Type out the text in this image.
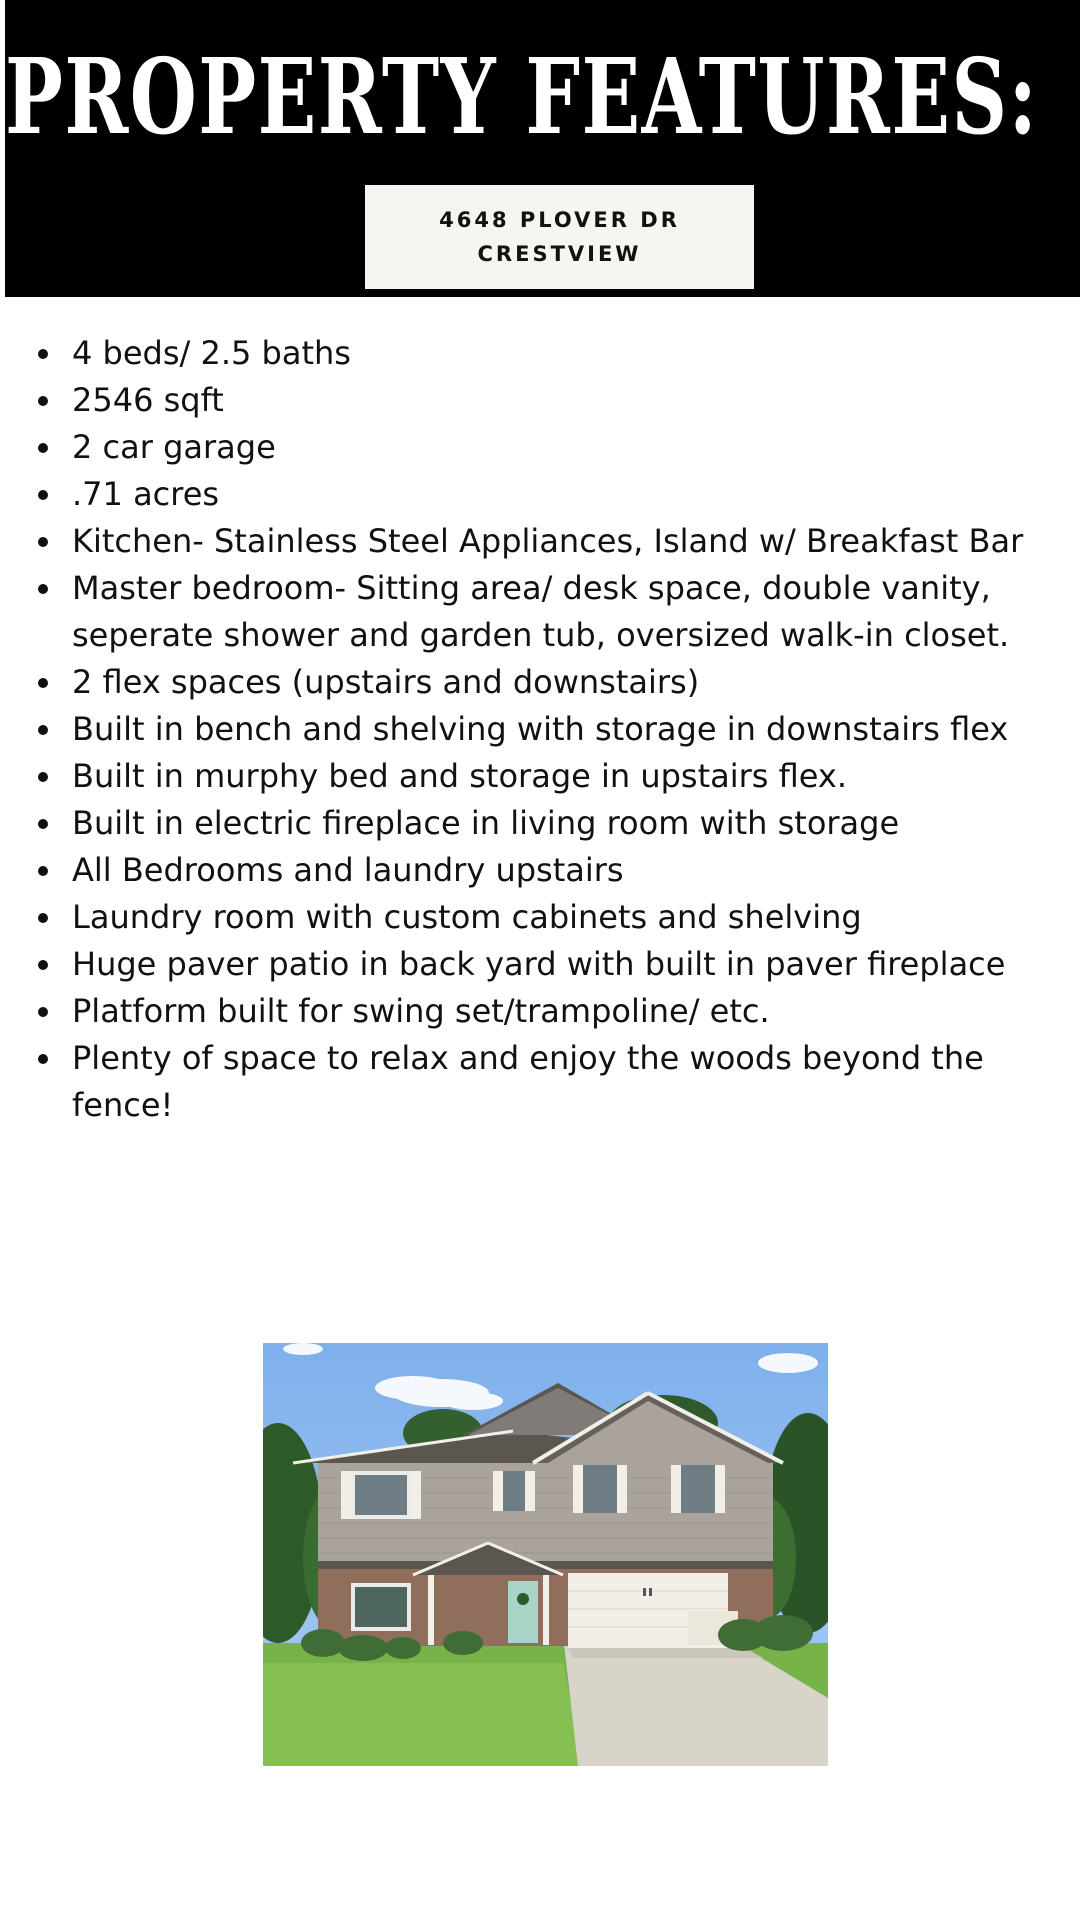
PROPERTY FEATURES:
4648 PLOVER DR
CRESTVIEW
4 beds/ 2.5 baths
2546 sqft
2 car garage
.71 acres
Kitchen- Stainless Steel Appliances, Island w/ Breakfast Bar
Master bedroom- Sitting area/ desk space, double vanity, seperate shower and garden tub, oversized walk-in closet.
2 flex spaces (upstairs and downstairs)
Built in bench and shelving with storage in downstairs flex
Built in murphy bed and storage in upstairs flex.
Built in electric fireplace in living room with storage
All Bedrooms and laundry upstairs
Laundry room with custom cabinets and shelving
Huge paver patio in back yard with built in paver fireplace
Platform built for swing set/trampoline/ etc.
Plenty of space to relax and enjoy the woods beyond the fence!
